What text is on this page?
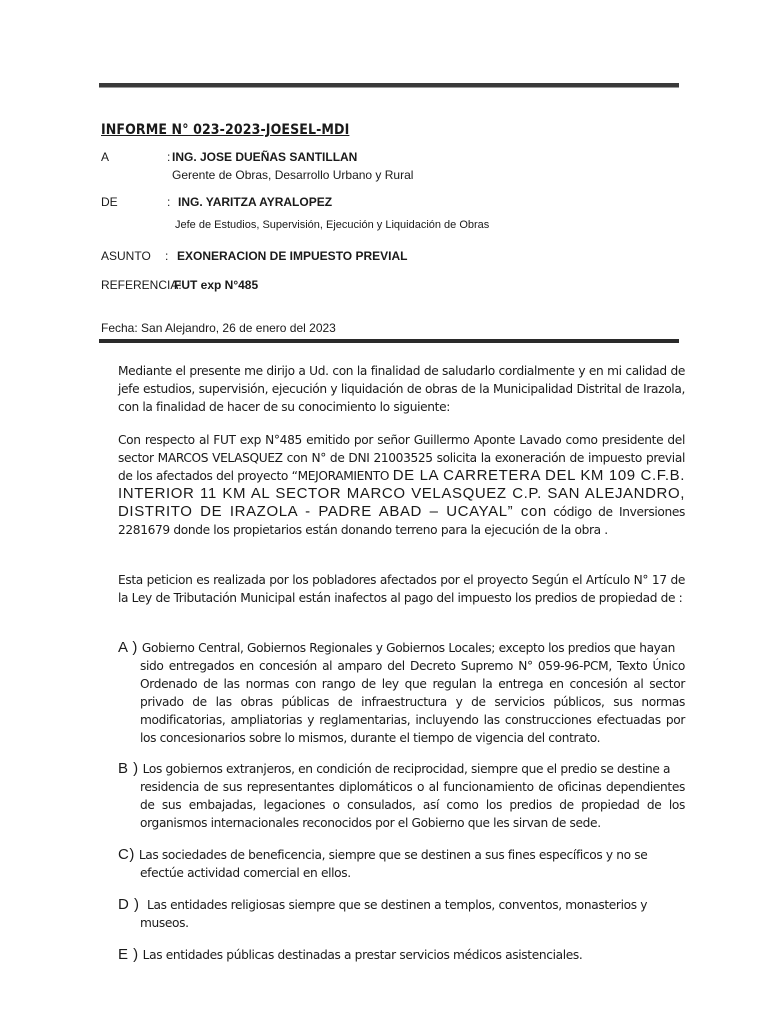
INFORME N° 023-2023-JOESEL-MDI
A	: ING. JOSE DUEÑAS SANTILLAN
Gerente de Obras, Desarrollo Urbano y Rural
DE	: ING. YARITZA AYRALOPEZ
Jefe de Estudios, Supervisión, Ejecución y Liquidación de Obras
ASUNTO : EXONERACION DE IMPUESTO PREVIAL
REFERENCIA:
FUT exp N°485
Fecha: San Alejandro, 26 de enero del 2023
Mediante el presente me dirijo a Ud. con la finalidad de saludarlo cordialmente y en mi calidad de jefe estudios, supervisión, ejecución y liquidación de obras de la Municipalidad Distrital de Irazola, con la finalidad de hacer de su conocimiento lo siguiente:
Con respecto al FUT exp N°485 emitido por señor Guillermo Aponte Lavado como presidente del sector MARCOS VELASQUEZ con N° de DNI 21003525 solicita la exoneración de impuesto previal de los afectados del proyecto “MEJORAMIENTO DE LA CARRETERA DEL KM 109 C.F.B. INTERIOR 11 KM AL SECTOR MARCO VELASQUEZ C.P. SAN ALEJANDRO, DISTRITO DE IRAZOLA - PADRE ABAD – UCAYAL” con código de Inversiones 2281679 donde los propietarios están donando terreno para la ejecución de la obra .
Esta peticion es realizada por los pobladores afectados por el proyecto Según el Artículo N° 17 de la Ley de Tributación Municipal están inafectos al pago del impuesto los predios de propiedad de :
A ) Gobierno Central, Gobiernos Regionales y Gobiernos Locales; excepto los predios que hayan
sido entregados en concesión al amparo del Decreto Supremo N° 059-96-PCM, Texto Único Ordenado de las normas con rango de ley que regulan la entrega en concesión al sector privado de las obras públicas de infraestructura y de servicios públicos, sus normas modificatorias, ampliatorias y reglamentarias, incluyendo las construcciones efectuadas por los concesionarios sobre lo mismos, durante el tiempo de vigencia del contrato.
B ) Los gobiernos extranjeros, en condición de reciprocidad, siempre que el predio se destine a
residencia de sus representantes diplomáticos o al funcionamiento de oficinas dependientes de sus embajadas, legaciones o consulados, así como los predios de propiedad de los organismos internacionales reconocidos por el Gobierno que les sirvan de sede.
C) Las sociedades de beneficencia, siempre que se destinen a sus fines específicos y no se
efectúe actividad comercial en ellos.
D ) Las entidades religiosas siempre que se destinen a templos, conventos, monasterios y
museos.
E ) Las entidades públicas destinadas a prestar servicios médicos asistenciales.
